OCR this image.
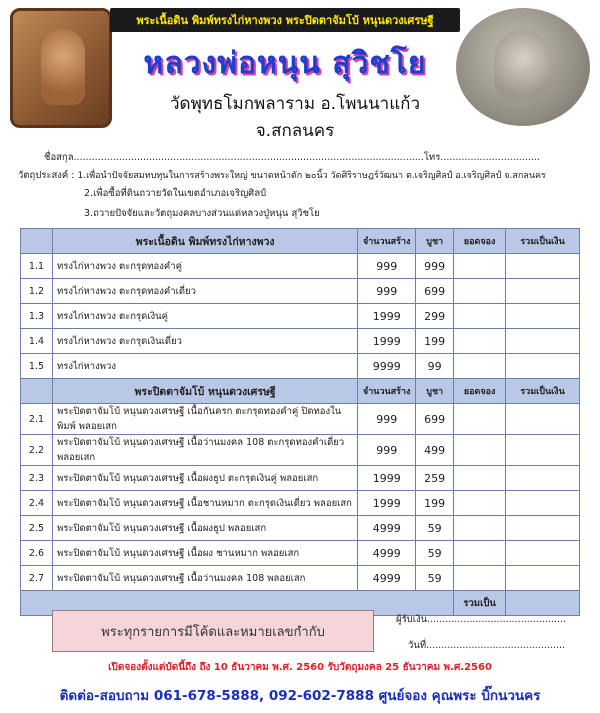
พระเนื้อดิน พิมพ์ทรงไก่หางพวง พระปิดตาจัมโบ้ หนุนดวงเศรษฐี
หลวงพ่อหนุน สุวิชโย
วัดพุทธโมกพลาราม อ.โพนนาแก้ว จ.สกลนคร
ชื่อสกุล....................................................................................................................โทร.................................
วัตถุประสงค์ : 1.เพื่อนำปัจจัยสมทบทุนในการสร้างพระใหญ่ ขนาดหน้าตัก ๒๐นิ้ว วัดศิริราษฎร์วัฒนา ต.เจริญศิลป์ อ.เจริญศิลป์ จ.สกลนคร
2.เพื่อซื้อที่ดินถวายวัดในเขตอำเภอเจริญศิลป์
	พระเนื้อดิน พิมพ์ทรงไก่หางพวง	จำนวนสร้าง	บูชา	ยอดจอง	รวมเป็นเงิน
1.1	ทรงไก่หางพวง ตะกรุดทองคำคู่	999	999		
1.2	ทรงไก่หางพวง ตะกรุดทองคำเดี่ยว	999	699		
1.3	ทรงไก่หางพวง ตะกรุดเงินคู่	1999	299		
1.4	ทรงไก่หางพวง ตะกรุดเงินเดี่ยว	1999	199		
1.5	ทรงไก่หางพวง	9999	99		
	พระปิดตาจัมโบ้ หนุนดวงเศรษฐี	จำนวนสร้าง	บูชา	ยอดจอง	รวมเป็นเงิน
2.1	พระปิดตาจัมโบ้ หนุนดวงเศรษฐี เนื้อกันครก ตะกรุดทองคำคู่ ปิดทองในพิมพ์ พลอยเสก	999	699		
2.2	พระปิดตาจัมโบ้ หนุนดวงเศรษฐี เนื้อว่านมงคล 108 ตะกรุดทองคำเดี่ยว พลอยเสก	999	499		
2.3	พระปิดตาจัมโบ้ หนุนดวงเศรษฐี เนื้อผงธูป ตะกรุดเงินคู่ พลอยเสก	1999	259		
2.4	พระปิดตาจัมโบ้ หนุนดวงเศรษฐี เนื้อชานหมาก ตะกรุดเงินเดี่ยว พลอยเสก	1999	199		
2.5	พระปิดตาจัมโบ้ หนุนดวงเศรษฐี เนื้อผงธูป พลอยเสก	4999	59		
2.6	พระปิดตาจัมโบ้ หนุนดวงเศรษฐี เนื้อผง ชานหมาก พลอยเสก	4999	59		
2.7	พระปิดตาจัมโบ้ หนุนดวงเศรษฐี เนื้อว่านมงคล 108 พลอยเสก	4999	59		
				รวมเป็น	
พระทุกรายการมีโค้ดและหมายเลขกำกับ
ผู้รับเงิน..............................................
วันที่..............................................
เปิดจองตั้งแต่บัดนี้ถึง ถึง 10 ธันวาคม พ.ศ. 2560 รับวัตถุมงคล 25 ธันวาคม พ.ศ.2560
ติดต่อ-สอบถาม 061-678-5888, 092-602-7888 ศูนย์จอง คุณพระ บิ๊กนวนคร
3.ถวายปัจจัยและวัตถุมงคลบางส่วนแด่หลวงปู่หนุน สุวิชโย
